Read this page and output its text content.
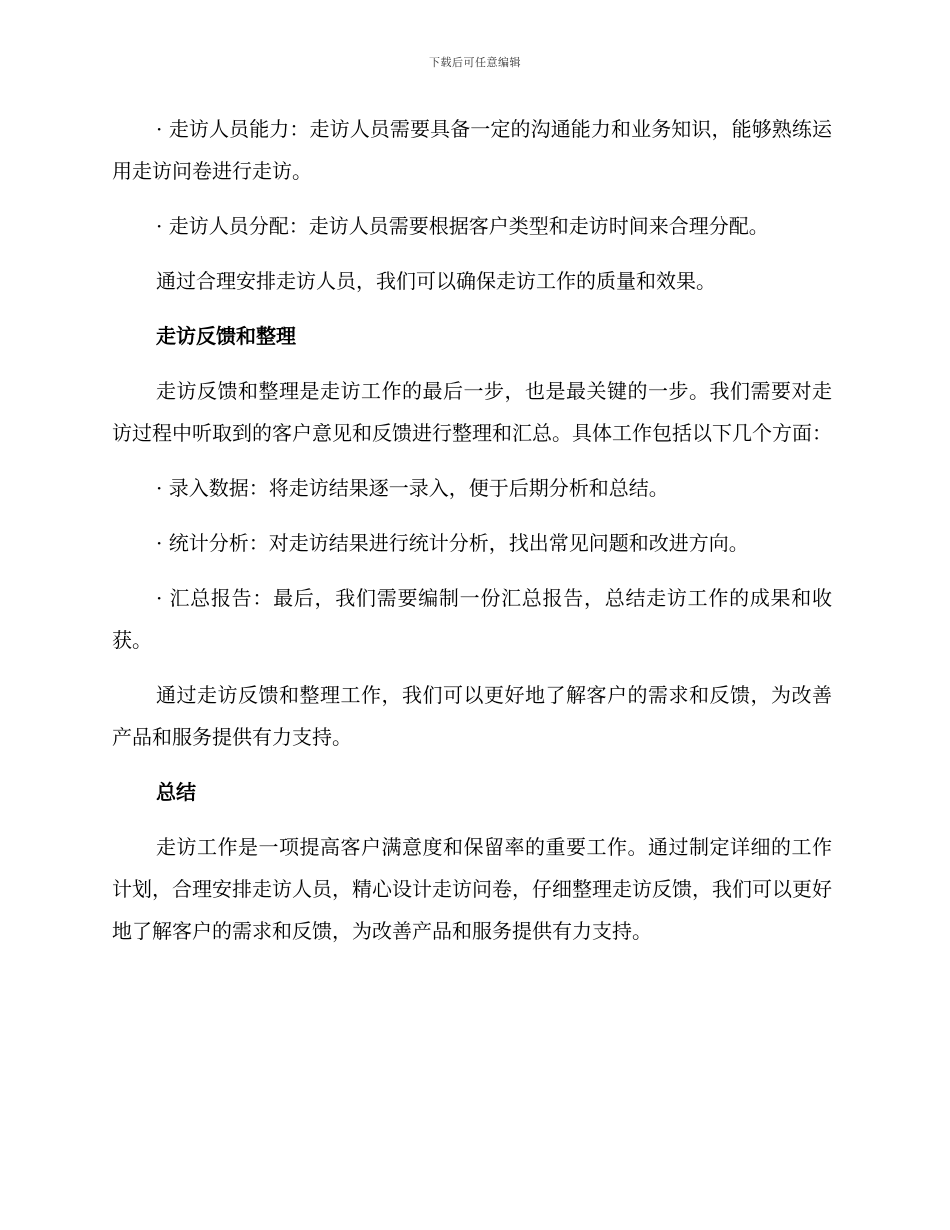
下载后可任意编辑

· 走访人员能力：走访人员需要具备一定的沟通能力和业务知识，能够熟练运用走访问卷进行走访。

· 走访人员分配：走访人员需要根据客户类型和走访时间来合理分配。

通过合理安排走访人员，我们可以确保走访工作的质量和效果。

走访反馈和整理

走访反馈和整理是走访工作的最后一步，也是最关键的一步。我们需要对走访过程中听取到的客户意见和反馈进行整理和汇总。具体工作包括以下几个方面：

· 录入数据：将走访结果逐一录入，便于后期分析和总结。

· 统计分析：对走访结果进行统计分析，找出常见问题和改进方向。

· 汇总报告：最后，我们需要编制一份汇总报告，总结走访工作的成果和收获。

通过走访反馈和整理工作，我们可以更好地了解客户的需求和反馈，为改善产品和服务提供有力支持。

总结

走访工作是一项提高客户满意度和保留率的重要工作。通过制定详细的工作计划，合理安排走访人员，精心设计走访问卷，仔细整理走访反馈，我们可以更好地了解客户的需求和反馈，为改善产品和服务提供有力支持。
